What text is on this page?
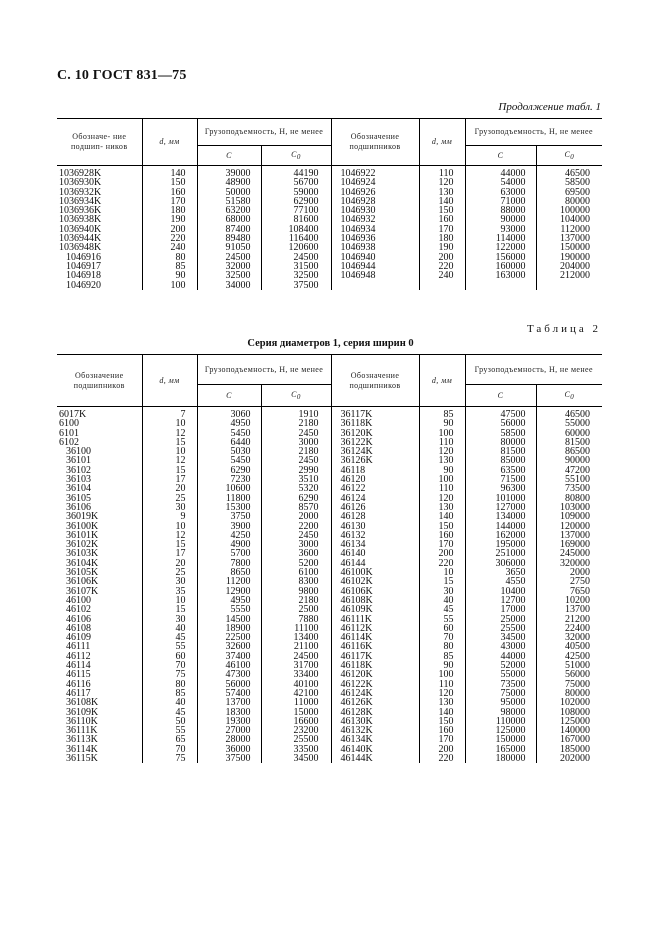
С. 10 ГОСТ 831—75
Продолжение табл. 1
Обозначе- ние подшип- ников	d, мм	Грузоподъемность, Н, не менее		Обозначение подшипников	d, мм	Грузоподъемность, Н, не менее	
		C	$C_0$			C	$C_0$
1036928K	140	39000	44190	1046922	110	44000	46500
1036930K	150	48900	56700	1046924	120	54000	58500
1036932K	160	50000	59000	1046926	130	63000	69500
1036934K	170	51580	62900	1046928	140	71000	80000
1036936K	180	63200	77100	1046930	150	88000	100000
1036938K	190	68000	81600	1046932	160	90000	104000
1036940K	200	87400	108400	1046934	170	93000	112000
1036944K	220	89480	116400	1046936	180	114000	137000
1036948K	240	91050	120600	1046938	190	122000	150000
1046916	80	24500	24500	1046940	200	156000	190000
1046917	85	32000	31500	1046944	220	160000	204000
1046918	90	32500	32500	1046948	240	163000	212000
1046920	100	34000	37500				
Таблица 2
Серия диаметров 1, серия ширин 0
Обозначение подшипников	d, мм	Грузоподъемность, Н, не менее		Обозначение подшипников	d, мм	Грузоподъемность, Н, не менее	
		C	$C_0$			C	$C_0$
6017K	7	3060	1910	36117K	85	47500	46500
6100	10	4950	2180	36118K	90	56000	55000
6101	12	5450	2450	36120K	100	58500	60000
6102	15	6440	3000	36122K	110	80000	81500
36100	10	5030	2180	36124K	120	81500	86500
36101	12	5450	2450	36126K	130	85000	90000
36102	15	6290	2990	46118	90	63500	47200
36103	17	7230	3510	46120	100	71500	55100
36104	20	10600	5320	46122	110	96300	73500
36105	25	11800	6290	46124	120	101000	80800
36106	30	15300	8570	46126	130	127000	103000
36019K	9	3750	2000	46128	140	134000	109000
36100K	10	3900	2200	46130	150	144000	120000
36101K	12	4250	2450	46132	160	162000	137000
36102K	15	4900	3000	46134	170	195000	169000
36103K	17	5700	3600	46140	200	251000	245000
36104K	20	7800	5200	46144	220	306000	320000
36105K	25	8650	6100	46100K	10	3650	2000
36106K	30	11200	8300	46102K	15	4550	2750
36107K	35	12900	9800	46106K	30	10400	7650
46100	10	4950	2180	46108K	40	12700	10200
46102	15	5550	2500	46109K	45	17000	13700
46106	30	14500	7880	46111K	55	25000	21200
46108	40	18900	11100	46112K	60	25500	22400
46109	45	22500	13400	46114K	70	34500	32000
46111	55	32600	21100	46116K	80	43000	40500
46112	60	37400	24500	46117K	85	44000	42500
46114	70	46100	31700	46118K	90	52000	51000
46115	75	47300	33400	46120K	100	55000	56000
46116	80	56000	40100	46122K	110	73500	75000
46117	85	57400	42100	46124K	120	75000	80000
36108K	40	13700	11000	46126K	130	95000	102000
36109K	45	18300	15000	46128K	140	98000	108000
36110K	50	19300	16600	46130K	150	110000	125000
36111K	55	27000	23200	46132K	160	125000	140000
36113K	65	28000	25500	46134K	170	150000	167000
36114K	70	36000	33500	46140K	200	165000	185000
36115K	75	37500	34500	46144K	220	180000	202000
